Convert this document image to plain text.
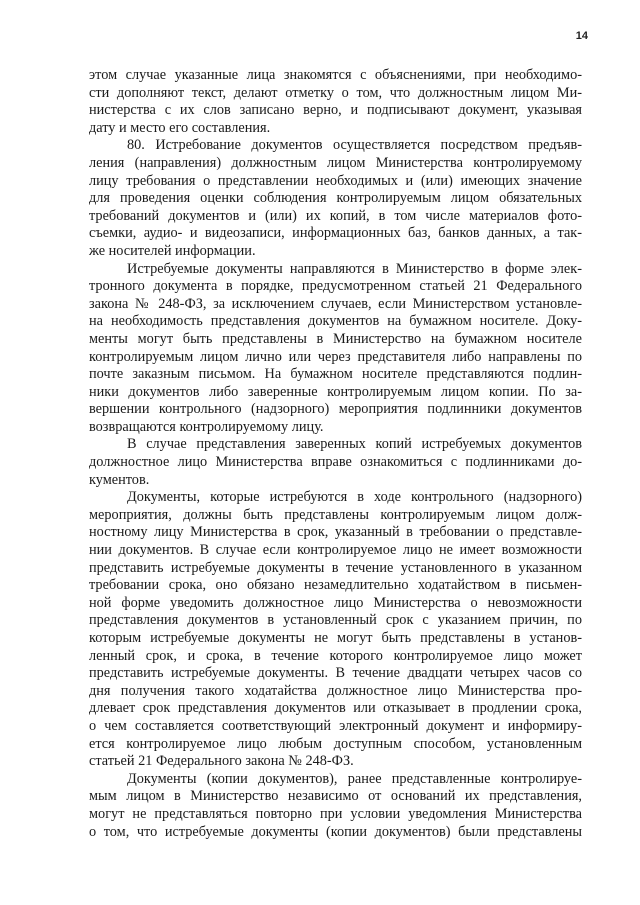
14
этом случае указанные лица знакомятся с объяснениями, при необходимо-
сти дополняют текст, делают отметку о том, что должностным лицом Ми-
нистерства с их слов записано верно, и подписывают документ, указывая
дату и место его составления.
80. Истребование документов осуществляется посредством предъяв-
ления (направления) должностным лицом Министерства контролируемому
лицу требования о представлении необходимых и (или) имеющих значение
для проведения оценки соблюдения контролируемым лицом обязательных
требований документов и (или) их копий, в том числе материалов фото-
съемки, аудио- и видеозаписи, информационных баз, банков данных, а так-
же носителей информации.
Истребуемые документы направляются в Министерство в форме элек-
тронного документа в порядке, предусмотренном статьей 21 Федерального
закона № 248-ФЗ, за исключением случаев, если Министерством установле-
на необходимость представления документов на бумажном носителе. Доку-
менты могут быть представлены в Министерство на бумажном носителе
контролируемым лицом лично или через представителя либо направлены по
почте заказным письмом. На бумажном носителе представляются подлин-
ники документов либо заверенные контролируемым лицом копии. По за-
вершении контрольного (надзорного) мероприятия подлинники документов
возвращаются контролируемому лицу.
В случае представления заверенных копий истребуемых документов
должностное лицо Министерства вправе ознакомиться с подлинниками до-
кументов.
Документы, которые истребуются в ходе контрольного (надзорного)
мероприятия, должны быть представлены контролируемым лицом долж-
ностному лицу Министерства в срок, указанный в требовании о представле-
нии документов. В случае если контролируемое лицо не имеет возможности
представить истребуемые документы в течение установленного в указанном
требовании срока, оно обязано незамедлительно ходатайством в письмен-
ной форме уведомить должностное лицо Министерства о невозможности
представления документов в установленный срок с указанием причин, по
которым истребуемые документы не могут быть представлены в установ-
ленный срок, и срока, в течение которого контролируемое лицо может
представить истребуемые документы. В течение двадцати четырех часов со
дня получения такого ходатайства должностное лицо Министерства про-
длевает срок представления документов или отказывает в продлении срока,
о чем составляется соответствующий электронный документ и информиру-
ется контролируемое лицо любым доступным способом, установленным
статьей 21 Федерального закона № 248-ФЗ.
Документы (копии документов), ранее представленные контролируе-
мым лицом в Министерство независимо от оснований их представления,
могут не представляться повторно при условии уведомления Министерства
о том, что истребуемые документы (копии документов) были представлены
